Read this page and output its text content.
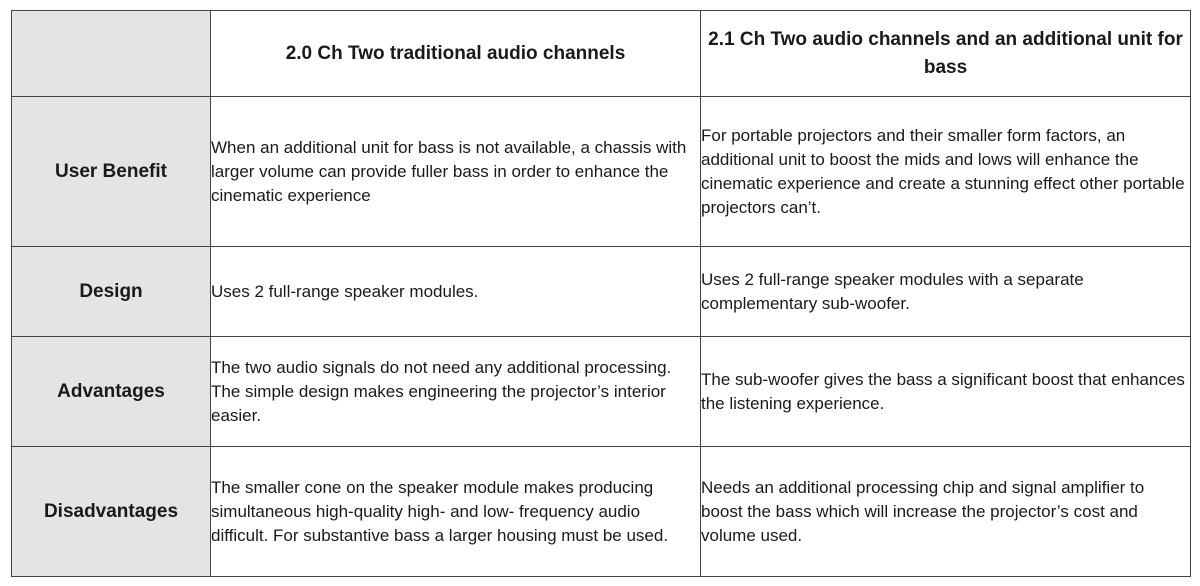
	2.0 Ch Two traditional audio channels	2.1 Ch Two audio channels and an additional unit for bass
User Benefit	When an additional unit for bass is not available, a chassis with larger volume can provide fuller bass in order to enhance the cinematic experience	For portable projectors and their smaller form factors, an additional unit to boost the mids and lows will enhance the cinematic experience and create a stunning effect other portable projectors can’t.
Design	Uses 2 full-range speaker modules.	Uses 2 full-range speaker modules with a separate complementary sub-woofer.
Advantages	The two audio signals do not need any additional processing. The simple design makes engineering the projector’s interior easier.	The sub-woofer gives the bass a significant boost that enhances the listening experience.
Disadvantages	The smaller cone on the speaker module makes producing simultaneous high-quality high- and low- frequency audio difficult. For substantive bass a larger housing must be used.	Needs an additional processing chip and signal amplifier to boost the bass which will increase the projector’s cost and volume used.
